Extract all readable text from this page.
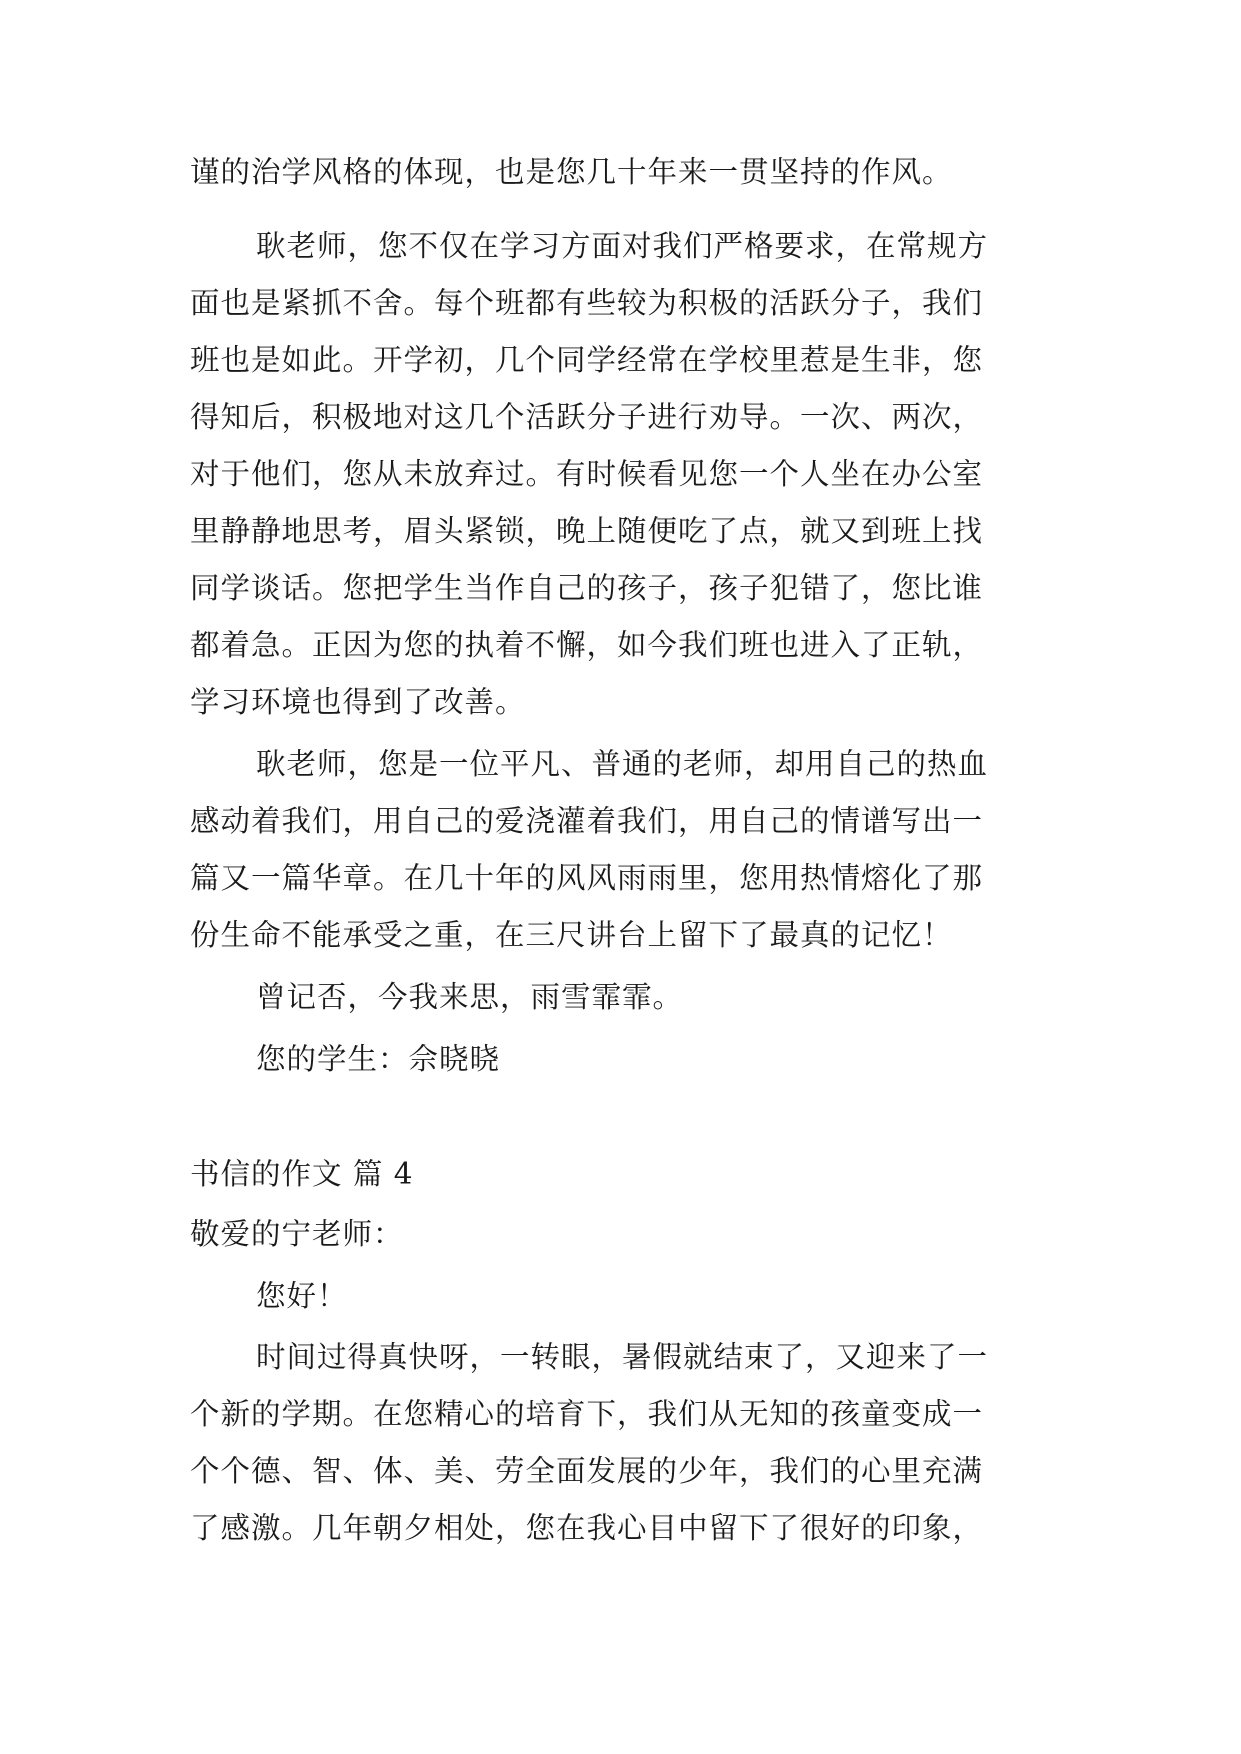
谨的治学风格的体现，也是您几十年来一贯坚持的作风。
耿老师，您不仅在学习方面对我们严格要求，在常规方
面也是紧抓不舍。每个班都有些较为积极的活跃分子，我们
班也是如此。开学初，几个同学经常在学校里惹是生非，您
得知后，积极地对这几个活跃分子进行劝导。一次、两次，
对于他们，您从未放弃过。有时候看见您一个人坐在办公室
里静静地思考，眉头紧锁，晚上随便吃了点，就又到班上找
同学谈话。您把学生当作自己的孩子，孩子犯错了，您比谁
都着急。正因为您的执着不懈，如今我们班也进入了正轨，
学习环境也得到了改善。
耿老师，您是一位平凡、普通的老师，却用自己的热血
感动着我们，用自己的爱浇灌着我们，用自己的情谱写出一
篇又一篇华章。在几十年的风风雨雨里，您用热情熔化了那
份生命不能承受之重，在三尺讲台上留下了最真的记忆！
曾记否，今我来思，雨雪霏霏。
您的学生：佘晓晓
书信的作文 篇 4
敬爱的宁老师：
您好！
时间过得真快呀，一转眼，暑假就结束了，又迎来了一
个新的学期。在您精心的培育下，我们从无知的孩童变成一
个个德、智、体、美、劳全面发展的少年，我们的心里充满
了感激。几年朝夕相处，您在我心目中留下了很好的印象，
